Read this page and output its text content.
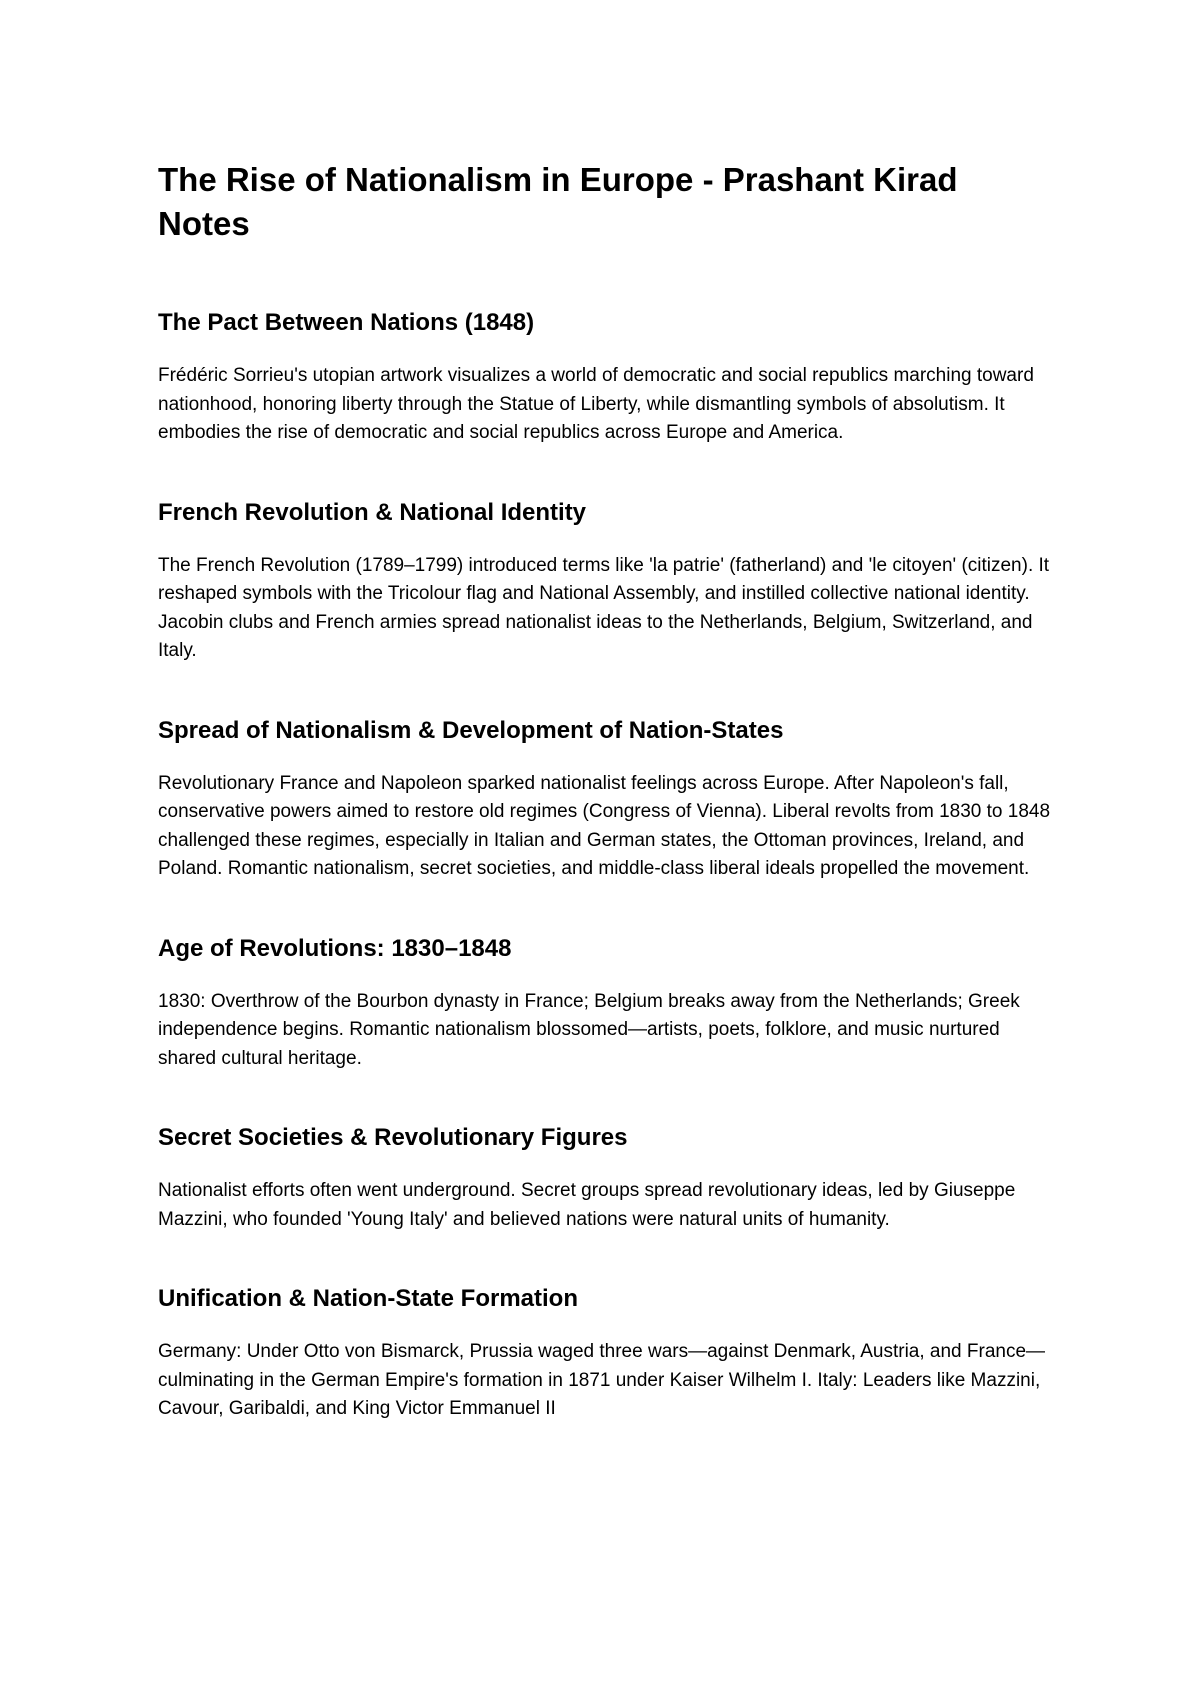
The Rise of Nationalism in Europe - Prashant Kirad Notes
The Pact Between Nations (1848)

Frédéric Sorrieu's utopian artwork visualizes a world of democratic and social republics marching toward nationhood, honoring liberty through the Statue of Liberty, while dismantling symbols of absolutism. It embodies the rise of democratic and social republics across Europe and America.

French Revolution & National Identity

The French Revolution (1789–1799) introduced terms like 'la patrie' (fatherland) and 'le citoyen' (citizen). It reshaped symbols with the Tricolour flag and National Assembly, and instilled collective national identity. Jacobin clubs and French armies spread nationalist ideas to the Netherlands, Belgium, Switzerland, and Italy.

Spread of Nationalism & Development of Nation-States

Revolutionary France and Napoleon sparked nationalist feelings across Europe. After Napoleon's fall, conservative powers aimed to restore old regimes (Congress of Vienna). Liberal revolts from 1830 to 1848 challenged these regimes, especially in Italian and German states, the Ottoman provinces, Ireland, and Poland. Romantic nationalism, secret societies, and middle-class liberal ideals propelled the movement.

Age of Revolutions: 1830–1848

1830: Overthrow of the Bourbon dynasty in France; Belgium breaks away from the Netherlands; Greek independence begins. Romantic nationalism blossomed—artists, poets, folklore, and music nurtured shared cultural heritage.

Secret Societies & Revolutionary Figures

Nationalist efforts often went underground. Secret groups spread revolutionary ideas, led by Giuseppe Mazzini, who founded 'Young Italy' and believed nations were natural units of humanity.

Unification & Nation-State Formation

Germany: Under Otto von Bismarck, Prussia waged three wars—against Denmark, Austria, and France—culminating in the German Empire's formation in 1871 under Kaiser Wilhelm I. Italy: Leaders like Mazzini, Cavour, Garibaldi, and King Victor Emmanuel II
